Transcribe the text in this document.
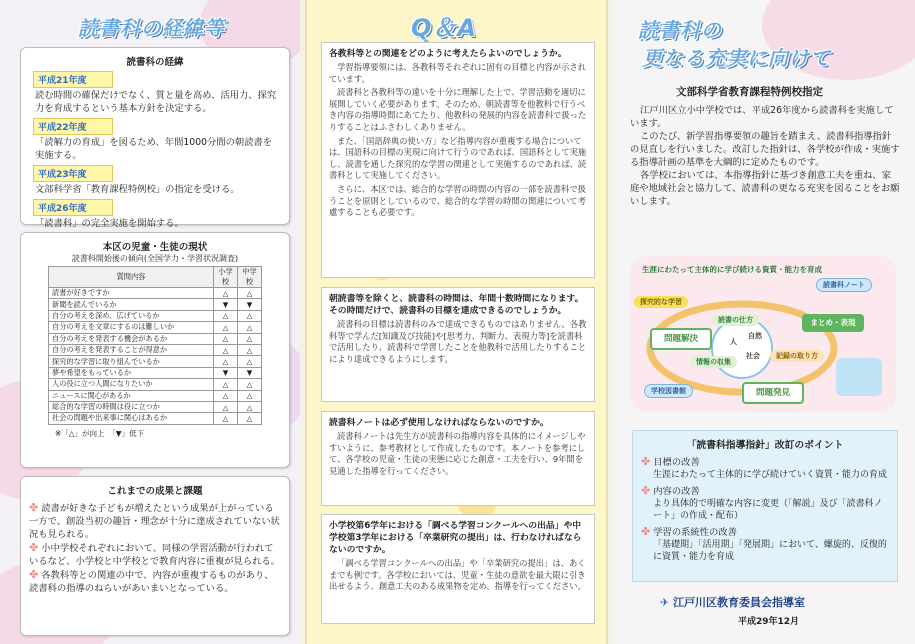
読書科の経緯等
読書科の経緯
平成21年度
読む時間の確保だけでなく、質と量を高め、活用力、探究力を育成するという基本方針を決定する。
平成22年度
「読解力の育成」を図るため、年間1000分間の朝読書を実施する。
平成23年度
文部科学省「教育課程特例校」の指定を受ける。
平成26年度
「読書科」の完全実施を開始する。
本区の児童・生徒の現状
読書科開始後の傾向(全国学力・学習状況調査)
質問内容	小学校	中学校
読書が好きですか	△	△
新聞を読んでいるか	▼	▼
自分の考えを深め、広げているか	△	△
自分の考えを文章にするのは難しいか	△	△
自分の考えを発表する機会があるか	△	△
自分の考えを発表することが得意か	△	△
探究的な学習に取り組んでいるか	△	△
夢や希望をもっているか	▼	▼
人の役に立つ人間になりたいか	△	△
ニュースに関心があるか	△	△
総合的な学習の時間は役に立つか	△	△
社会の問題や出来事に関心はあるか	△	△
※「△」が向上　「▼」低下
これまでの成果と課題
✤ 読書が好きな子どもが増えたという成果が上がっている一方で、創設当初の趣旨・理念が十分に達成されていない状況も見られる。
✤ 小中学校それぞれにおいて、同様の学習活動が行われているなど、小学校と中学校とで教育内容に重複が見られる。
✤ 各教科等との関連の中で、内容が重複するものがあり、読書科の指導のねらいがあいまいとなっている。
Q＆A
各教科等との関連をどのように考えたらよいのでしょうか。
学習指導要領には、各教科等それぞれに固有の目標と内容が示されています。
読書科と各教科等の違いを十分に理解した上で、学習活動を適切に展開していく必要があります。そのため、朝読書等を他教科で行うべき内容の指導時間にあてたり、他教科の発展的内容を読書科で扱ったりすることはふさわしくありません。
また、「国語辞典の使い方」など指導内容が重複する場合については、国語科の目標の実現に向けて行うのであれば、国語科として実施し、読書を通した探究的な学習の関連として実施するのであれば、読書科として実施してください。
さらに、本区では、総合的な学習の時間の内容の一部を読書科で扱うことを原則としているので、総合的な学習の時間の関連について考慮することも必要です。
朝読書等を除くと、読書科の時間は、年間十数時間になります。その時間だけで、読書科の目標を達成できるのでしょうか。
読書科の目標は読書科のみで達成できるものではありません。各教科等で学んだ[知識及び技能]や[思考力、判断力、表現力等]を読書科で活用したり、読書科で学習したことを他教科で活用したりすることにより達成できるようにします。
読書科ノートは必ず使用しなければならないのですか。
読書科ノートは先生方が読書科の指導内容を具体的にイメージしやすいように、参考教材として作成したものです。本ノートを参考にして、各学校の児童・生徒の実態に応じた創意・工夫を行い、9年間を見通した指導を行ってください。
小学校第6学年における「調べる学習コンクールへの出品」や中学校第3学年における「卒業研究の提出」は、行わなければならないのですか。
「調べる学習コンクールへの出品」や「卒業研究の提出」は、あくまでも例です。各学校においては、児童・生徒の意欲を最大限に引き出せるよう、創意工夫のある成果物を定め、指導を行ってください。
読書科の
更なる充実に向けて
文部科学省教育課程特例校指定
江戸川区立小中学校では、平成26年度から読書科を実施しています。
このたび、新学習指導要領の趣旨を踏まえ、読書科指導指針の見直しを行いました。改訂した指針は、各学校が作成・実施する指導計画の基準を大綱的に定めたものです。
各学校においては、本指導指針に基づき創意工夫を重ね、家庭や地域社会と協力して、読書科の更なる充実を図ることをお願いします。
生涯にわたって主体的に学び続ける資質・能力を育成
探究的な学習
読書科ノート
まとめ・表現
問題解決
読書の仕方
問題発見
学校図書館
人
自然
社会
情報の収集
記録の取り方
「読書科指導指針」改訂のポイント
✤ 目標の改善
生涯にわたって主体的に学び続けていく資質・能力の育成
✤ 内容の改善
より具体的で明確な内容に変更（「解説」及び「読書科ノート」の作成・配布）
✤ 学習の系統性の改善
「基礎期」「活用期」「発展期」において、螺旋的、反復的に資質・能力を育成
✈ 江戸川区教育委員会指導室
平成29年12月
